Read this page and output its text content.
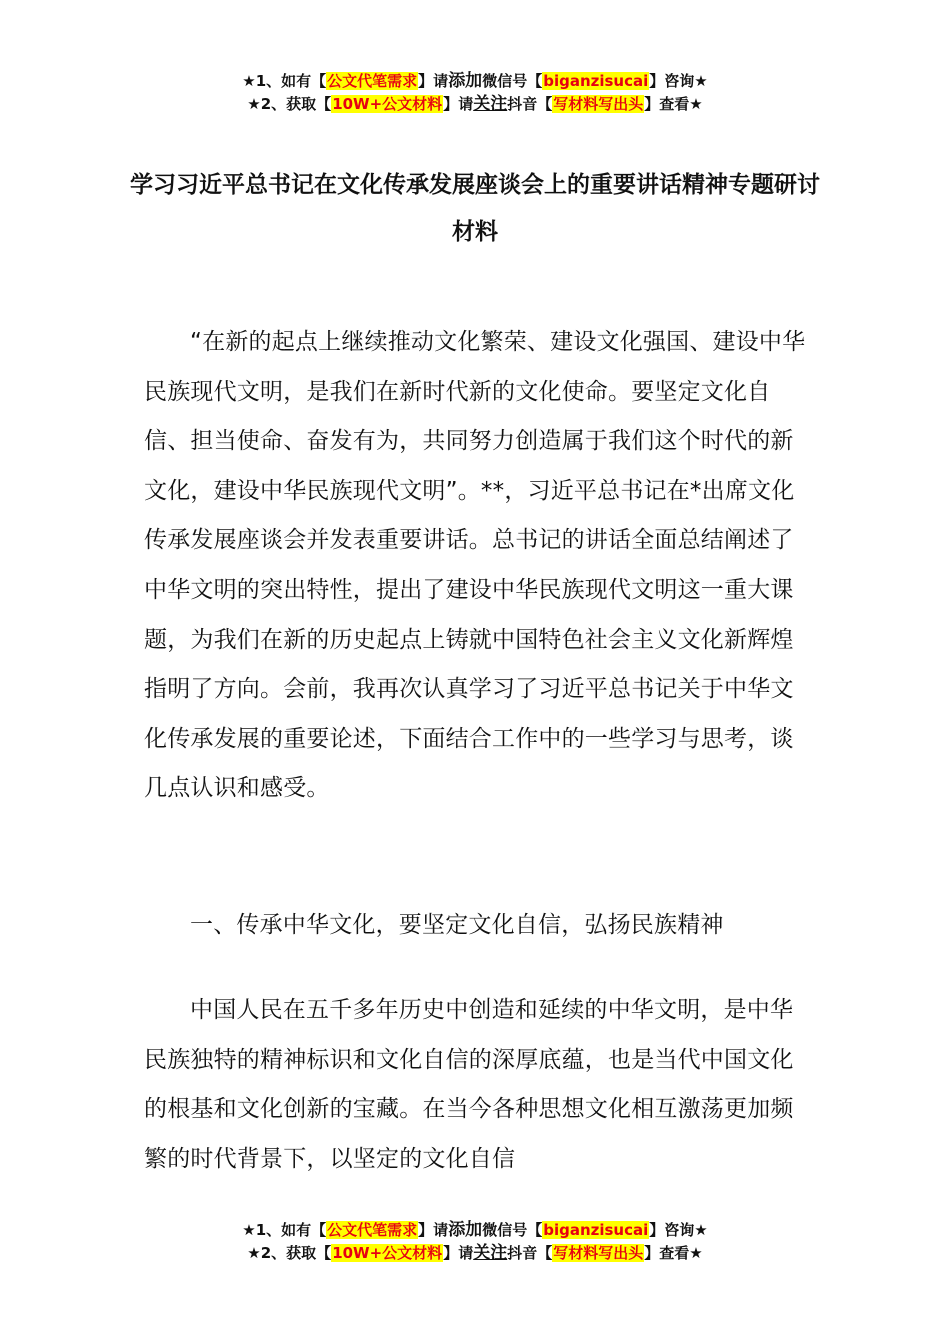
★1、如有【公文代笔需求】请添加微信号【biganzisucai】咨询★
★2、获取【10W+公文材料】请关注抖音【写材料写出头】查看★
学习习近平总书记在文化传承发展座谈会上的重要讲话精神专题研讨材料

“在新的起点上继续推动文化繁荣、建设文化强国、建设中华民族现代文明，是我们在新时代新的文化使命。要坚定文化自信、担当使命、奋发有为，共同努力创造属于我们这个时代的新文化，建设中华民族现代文明”。**，习近平总书记在*出席文化传承发展座谈会并发表重要讲话。总书记的讲话全面总结阐述了中华文明的突出特性，提出了建设中华民族现代文明这一重大课题，为我们在新的历史起点上铸就中国特色社会主义文化新辉煌指明了方向。会前，我再次认真学习了习近平总书记关于中华文化传承发展的重要论述，下面结合工作中的一些学习与思考，谈几点认识和感受。

一、传承中华文化，要坚定文化自信，弘扬民族精神

中国人民在五千多年历史中创造和延续的中华文明，是中华民族独特的精神标识和文化自信的深厚底蕴，也是当代中国文化的根基和文化创新的宝藏。在当今各种思想文化相互激荡更加频繁的时代背景下，以坚定的文化自信

★1、如有【公文代笔需求】请添加微信号【biganzisucai】咨询★
★2、获取【10W+公文材料】请关注抖音【写材料写出头】查看★
